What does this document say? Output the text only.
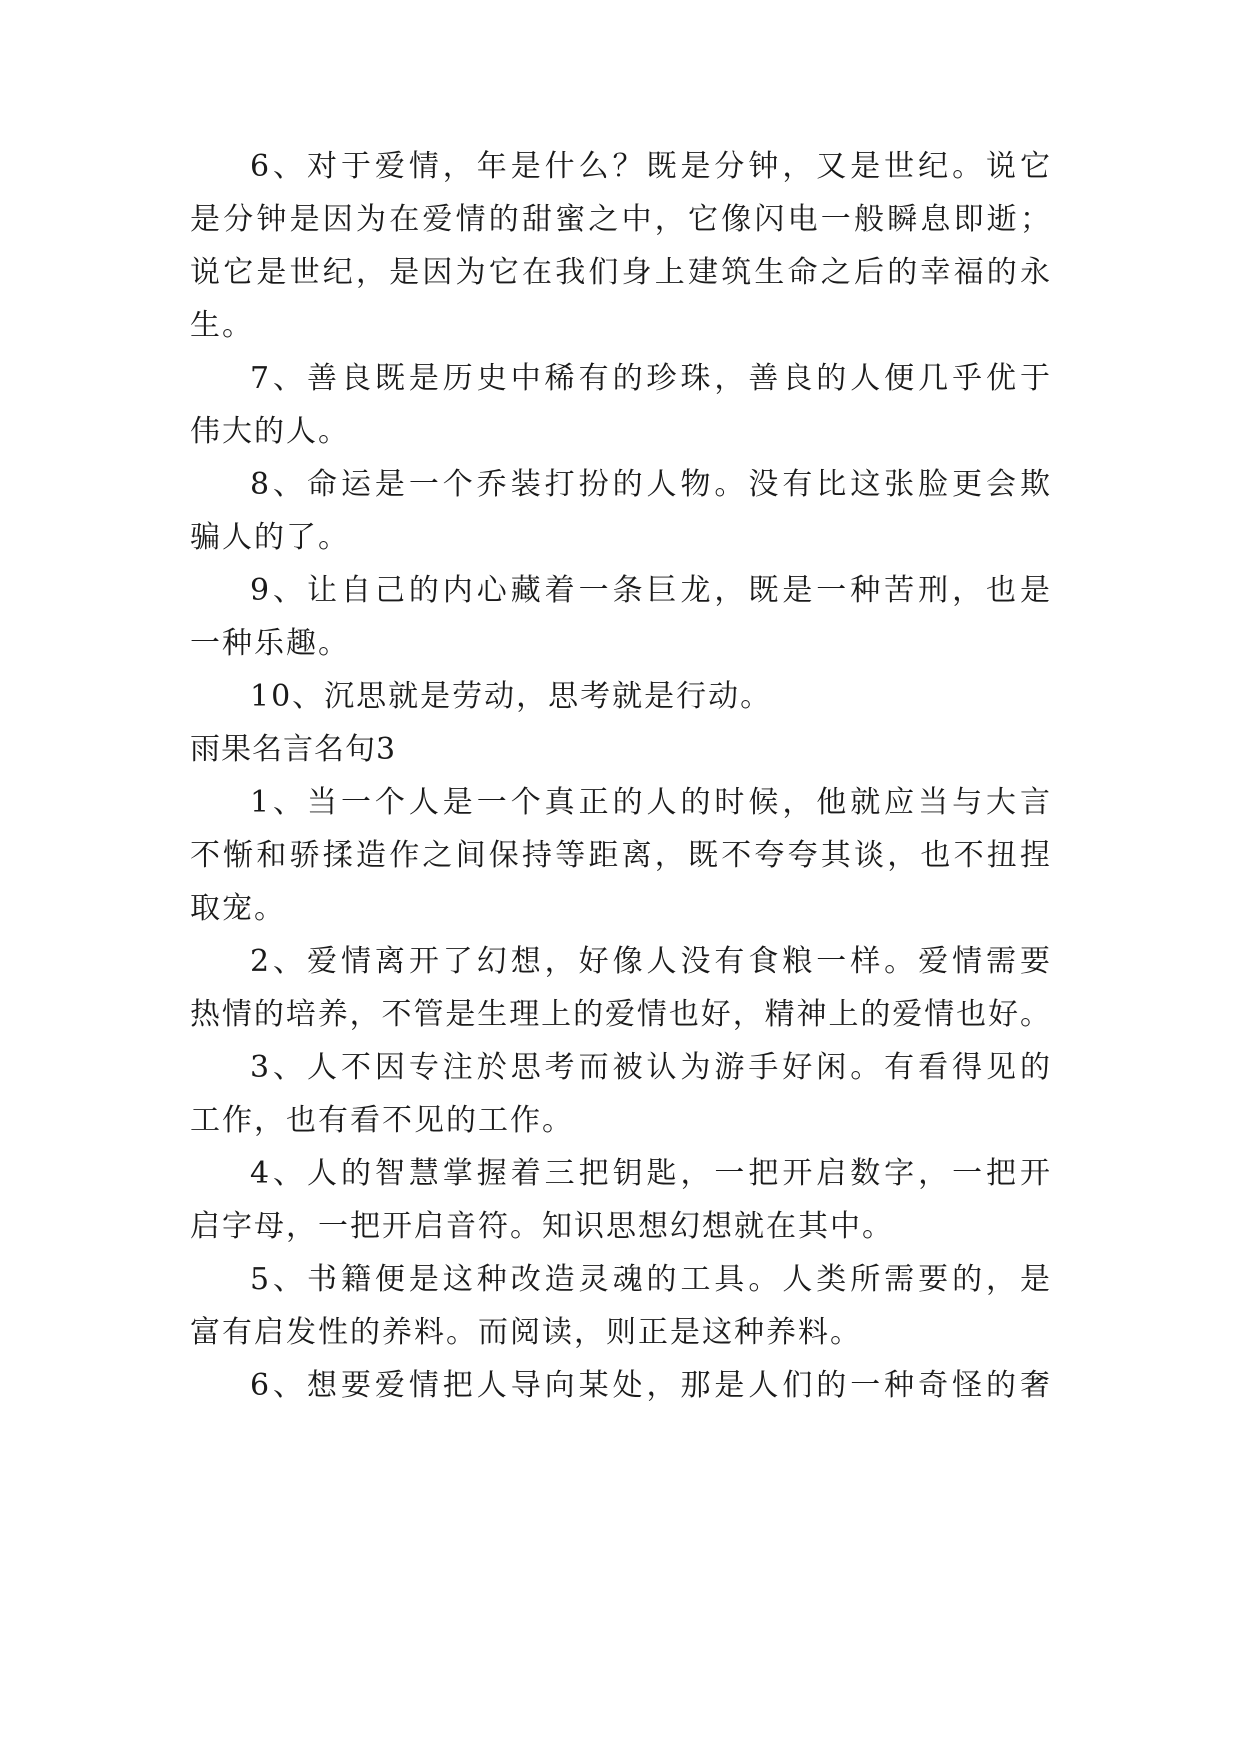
6、对于爱情，年是什么？既是分钟，又是世纪。说它

是分钟是因为在爱情的甜蜜之中，它像闪电一般瞬息即逝；

说它是世纪，是因为它在我们身上建筑生命之后的幸福的永

生。

7、善良既是历史中稀有的珍珠，善良的人便几乎优于

伟大的人。

8、命运是一个乔装打扮的人物。没有比这张脸更会欺

骗人的了。

9、让自己的内心藏着一条巨龙，既是一种苦刑，也是

一种乐趣。

10、沉思就是劳动，思考就是行动。

雨果名言名句3

1、当一个人是一个真正的人的时候，他就应当与大言

不惭和骄揉造作之间保持等距离，既不夸夸其谈，也不扭捏

取宠。

2、爱情离开了幻想，好像人没有食粮一样。爱情需要

热情的培养，不管是生理上的爱情也好，精神上的爱情也好。

3、人不因专注於思考而被认为游手好闲。有看得见的

工作，也有看不见的工作。

4、人的智慧掌握着三把钥匙，一把开启数字，一把开

启字母，一把开启音符。知识思想幻想就在其中。

5、书籍便是这种改造灵魂的工具。人类所需要的，是

富有启发性的养料。而阅读，则正是这种养料。

6、想要爱情把人导向某处，那是人们的一种奇怪的奢
